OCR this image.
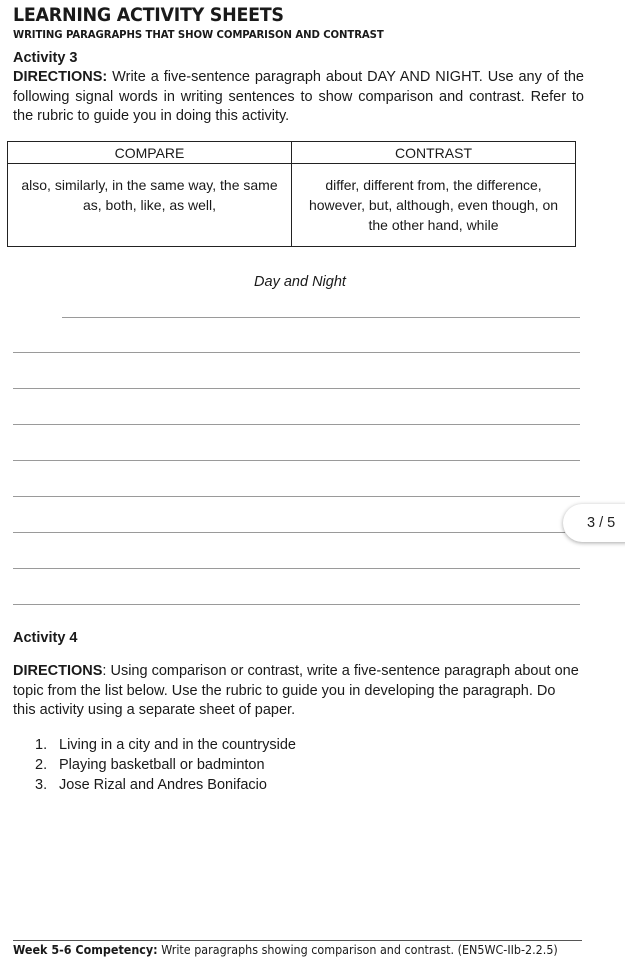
LEARNING ACTIVITY SHEETS
WRITING PARAGRAPHS THAT SHOW COMPARISON AND CONTRAST
Activity 3
DIRECTIONS: Write a five-sentence paragraph about DAY AND NIGHT. Use any of the following signal words in writing sentences to show comparison and contrast. Refer to the rubric to guide you in doing this activity.
COMPARE	CONTRAST
also, similarly, in the same way, the same as, both, like, as well,	differ, different from, the difference, however, but, although, even though, on the other hand, while
Day and Night
3 / 5
Activity 4
DIRECTIONS: Using comparison or contrast, write a five-sentence paragraph about one topic from the list below. Use the rubric to guide you in developing the paragraph. Do this activity using a separate sheet of paper.
1. Living in a city and in the countryside
2. Playing basketball or badminton
3. Jose Rizal and Andres Bonifacio
Week 5-6 Competency: Write paragraphs showing comparison and contrast. (EN5WC-IIb-2.2.5)
